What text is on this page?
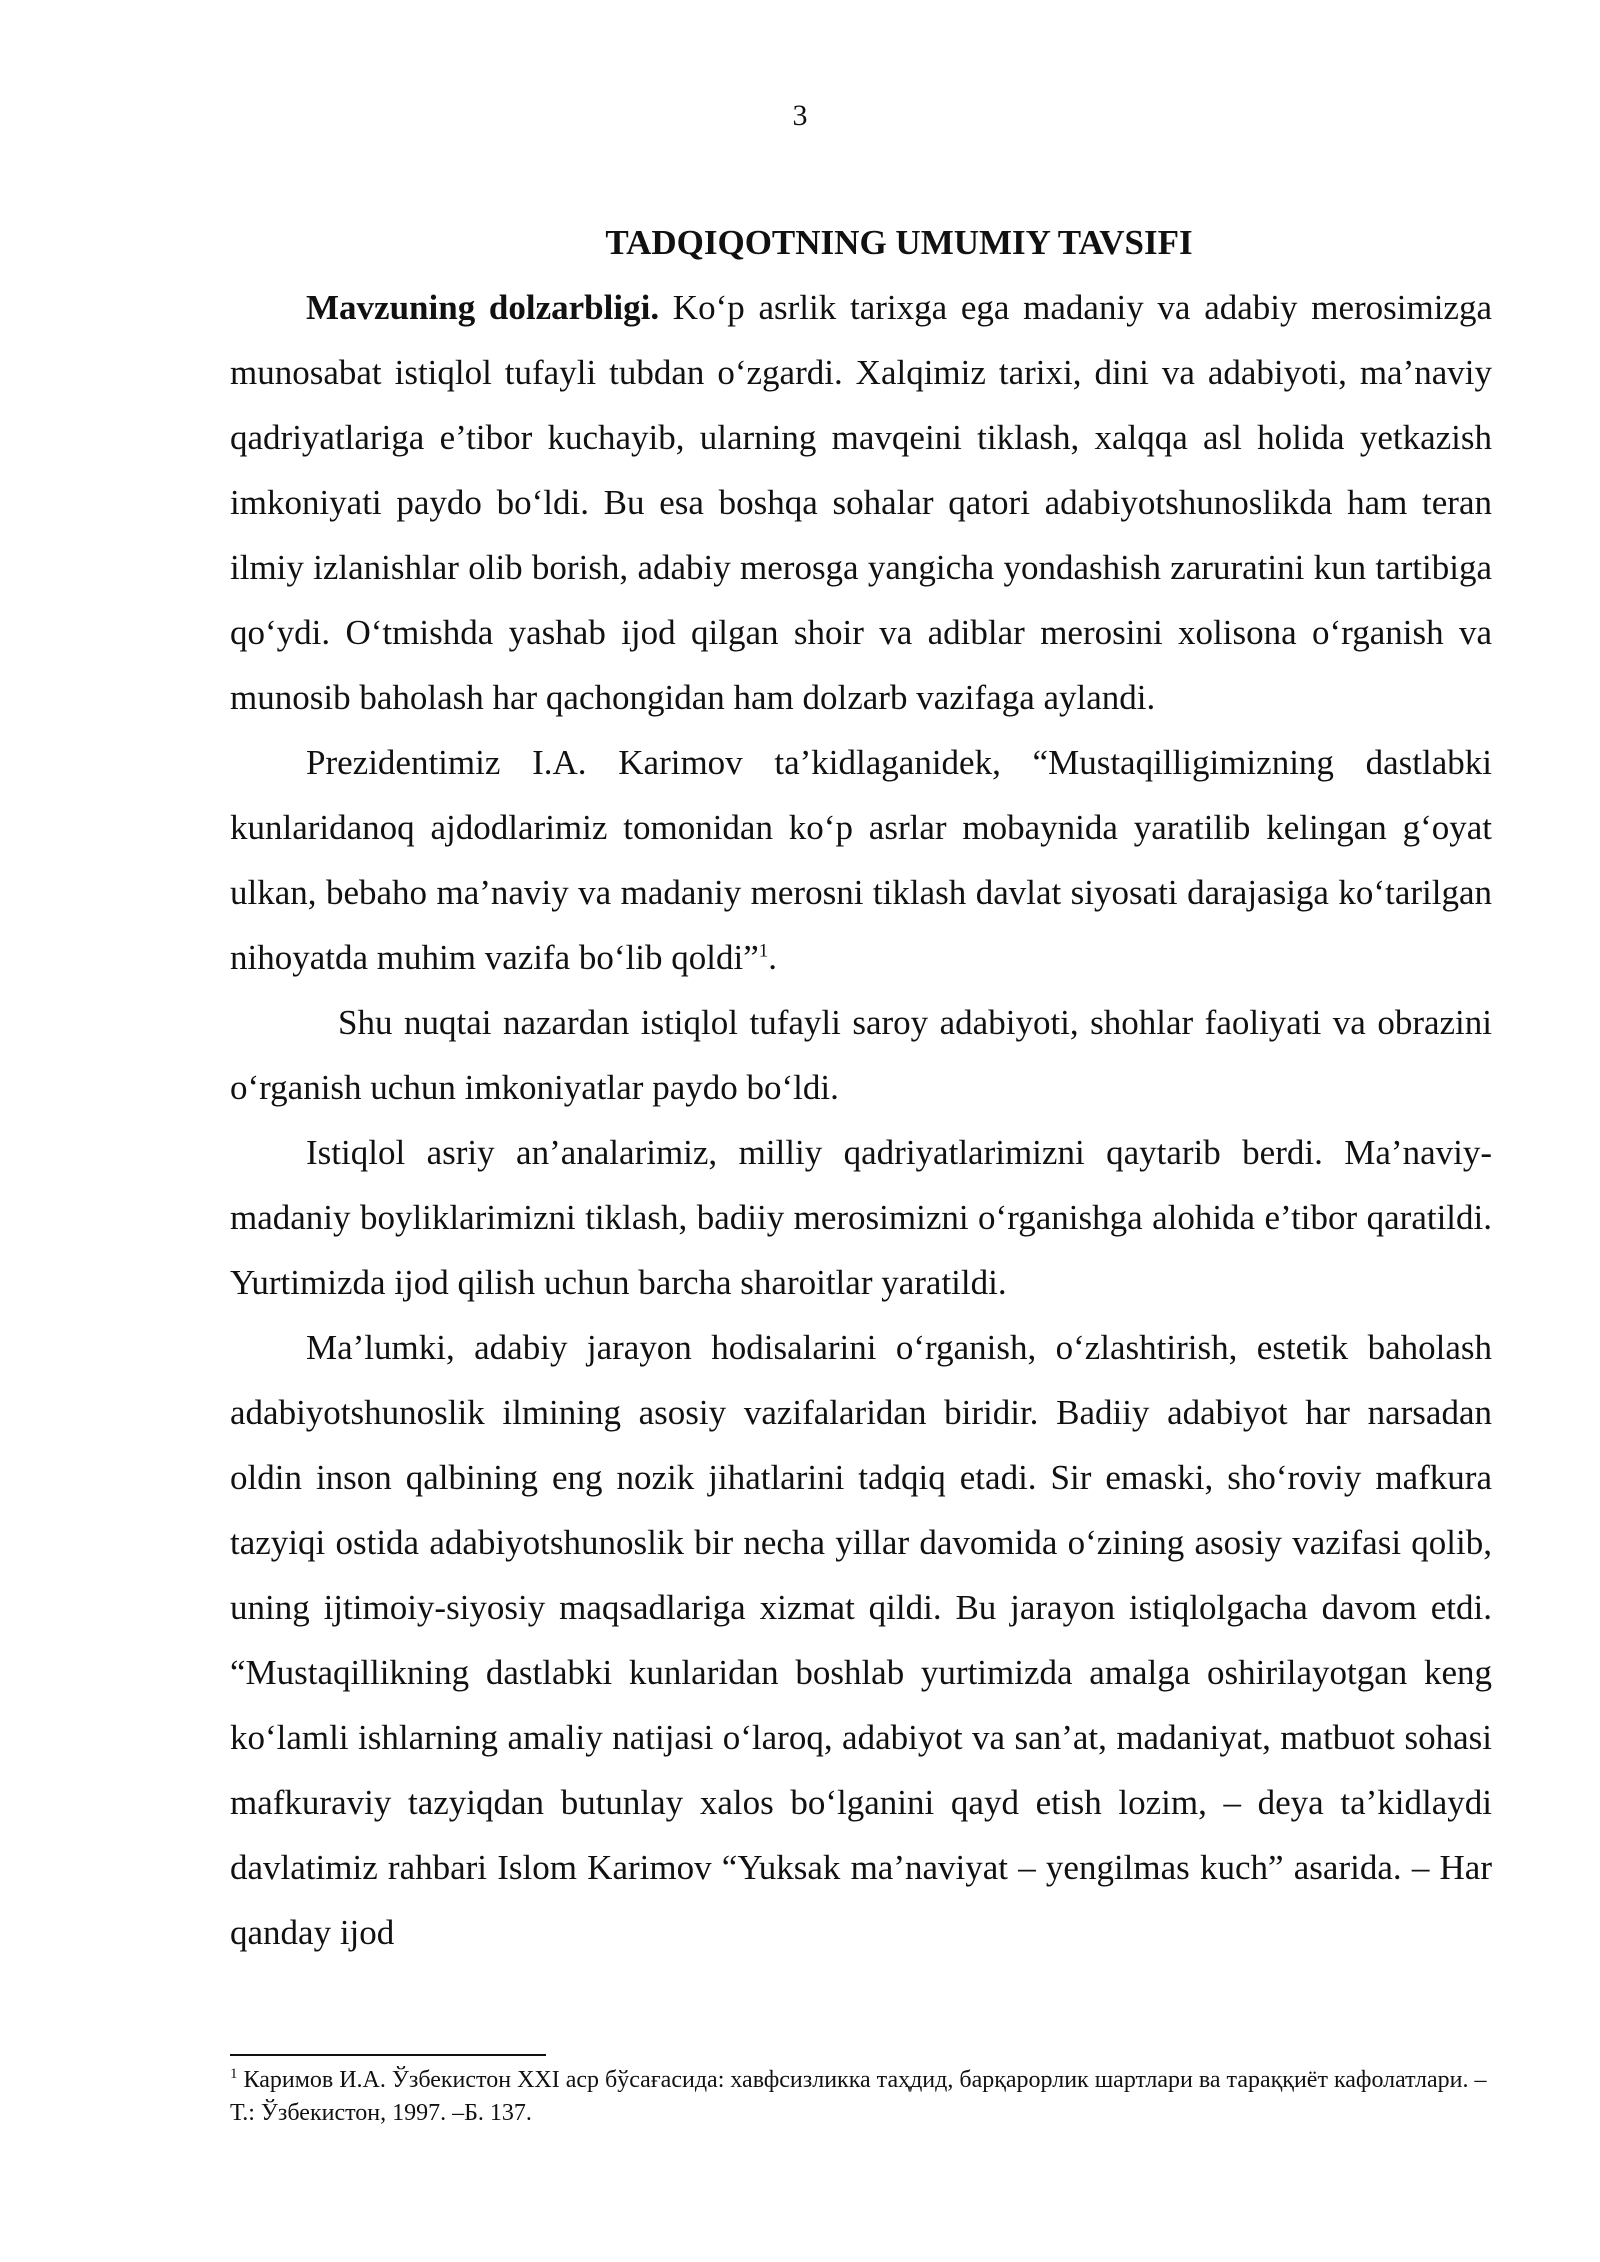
3
TADQIQOTNING UMUMIY TAVSIFI

Mavzuning dolzarbligi. Ko‘p asrlik tarixga ega madaniy va adabiy merosimizga munosabat istiqlol tufayli tubdan o‘zgardi. Xalqimiz tarixi, dini va adabiyoti, ma’naviy qadriyatlariga e’tibor kuchayib, ularning mavqeini tiklash, xalqqa asl holida yetkazish imkoniyati paydo bo‘ldi. Bu esa boshqa sohalar qatori adabiyotshunoslikda ham teran ilmiy izlanishlar olib borish, adabiy merosga yangicha yondashish zaruratini kun tartibiga qo‘ydi. O‘tmishda yashab ijod qilgan shoir va adiblar merosini xolisona o‘rganish va munosib baholash har qachongidan ham dolzarb vazifaga aylandi.

Prezidentimiz I.A. Karimov ta’kidlaganidek, “Mustaqilligimizning dastlabki kunlaridanoq ajdodlarimiz tomonidan ko‘p asrlar mobaynida yaratilib kelingan g‘oyat ulkan, bebaho ma’naviy va madaniy merosni tiklash davlat siyosati darajasiga ko‘tarilgan nihoyatda muhim vazifa bo‘lib qoldi”$^1$.

Shu nuqtai nazardan istiqlol tufayli saroy adabiyoti, shohlar faoliyati va obrazini o‘rganish uchun imkoniyatlar paydo bo‘ldi.

Istiqlol asriy an’analarimiz, milliy qadriyatlarimizni qaytarib berdi. Ma’naviy-madaniy boyliklarimizni tiklash, badiiy merosimizni o‘rganishga alohida e’tibor qaratildi. Yurtimizda ijod qilish uchun barcha sharoitlar yaratildi.

Ma’lumki, adabiy jarayon hodisalarini o‘rganish, o‘zlashtirish, estetik baholash adabiyotshunoslik ilmining asosiy vazifalaridan biridir. Badiiy adabiyot har narsadan oldin inson qalbining eng nozik jihatlarini tadqiq etadi. Sir emaski, sho‘roviy mafkura tazyiqi ostida adabiyotshunoslik bir necha yillar davomida o‘zining asosiy vazifasi qolib, uning ijtimoiy-siyosiy maqsadlariga xizmat qildi. Bu jarayon istiqlolgacha davom etdi. “Mustaqillikning dastlabki kunlaridan boshlab yurtimizda amalga oshirilayotgan keng ko‘lamli ishlarning amaliy natijasi o‘laroq, adabiyot va san’at, madaniyat, matbuot sohasi mafkuraviy tazyiqdan butunlay xalos bo‘lganini qayd etish lozim, – deya ta’kidlaydi davlatimiz rahbari Islom Karimov “Yuksak ma’naviyat – yengilmas kuch” asarida. – Har qanday ijod

$^1$ Каримов И.А. Ўзбекистон XXI аср бўсағасида: хавфсизликка таҳдид, барқарорлик шартлари ва тараққиёт кафолатлари. –Т.: Ўзбекистон, 1997. –Б. 137.
